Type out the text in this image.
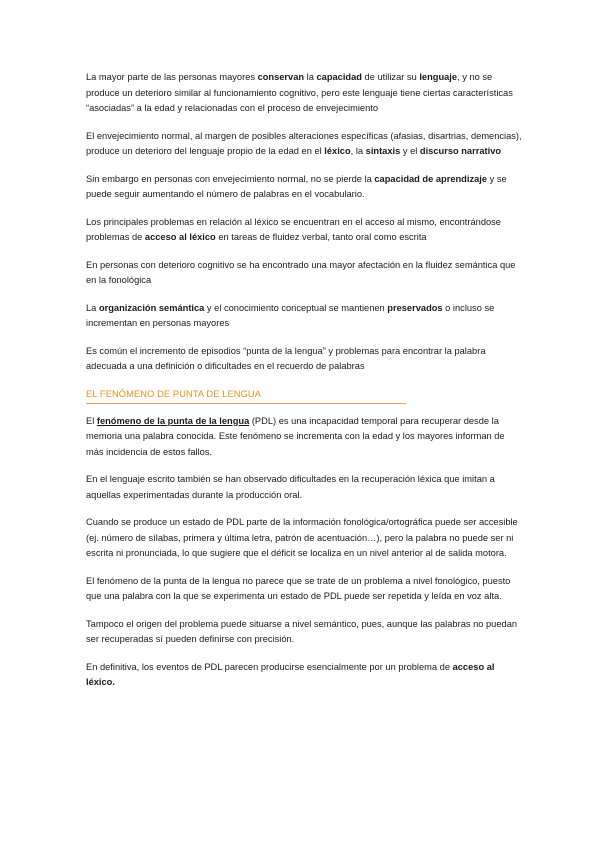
La mayor parte de las personas mayores conservan la capacidad de utilizar su lenguaje, y no se produce un deterioro similar al funcionamiento cognitivo, pero este lenguaje tiene ciertas características “asociadas” a la edad y relacionadas con el proceso de envejecimiento

El envejecimiento normal, al margen de posibles alteraciones específicas (afasias, disartrias, demencias), produce un deterioro del lenguaje propio de la edad en el léxico, la sintaxis y el discurso narrativo

Sin embargo en personas con envejecimiento normal, no se pierde la capacidad de aprendizaje y se puede seguir aumentando el número de palabras en el vocabulario.

Los principales problemas en relación al léxico se encuentran en el acceso al mismo, encontrándose problemas de acceso al léxico en tareas de fluidez verbal, tanto oral como escrita

En personas con deterioro cognitivo se ha encontrado una mayor afectación en la fluidez semántica que en la fonológica

La organización semántica y el conocimiento conceptual se mantienen preservados o incluso se incrementan en personas mayores

Es común el incremento de episodios “punta de la lengua” y problemas para encontrar la palabra adecuada a una definición o dificultades en el recuerdo de palabras

EL FENÓMENO DE PUNTA DE LENGUA

El fenómeno de la punta de la lengua (PDL) es una incapacidad temporal para recuperar desde la memoria una palabra conocida. Este fenómeno se incrementa con la edad y los mayores informan de más incidencia de estos fallos.

En el lenguaje escrito también se han observado dificultades en la recuperación léxica que imitan a aquellas experimentadas durante la producción oral.

Cuando se produce un estado de PDL parte de la información fonológica/ortográfica puede ser accesible (ej. número de sílabas, primera y última letra, patrón de acentuación…), pero la palabra no puede ser ni escrita ni pronunciada, lo que sugiere que el déficit se localiza en un nivel anterior al de salida motora.

El fenómeno de la punta de la lengua no parece que se trate de un problema a nivel fonológico, puesto que una palabra con la que se experimenta un estado de PDL puede ser repetida y leída en voz alta.

Tampoco el origen del problema puede situarse a nivel semántico, pues, aunque las palabras no puedan ser recuperadas sí pueden definirse con precisión.

En definitiva, los eventos de PDL parecen producirse esencialmente por un problema de acceso al léxico.
